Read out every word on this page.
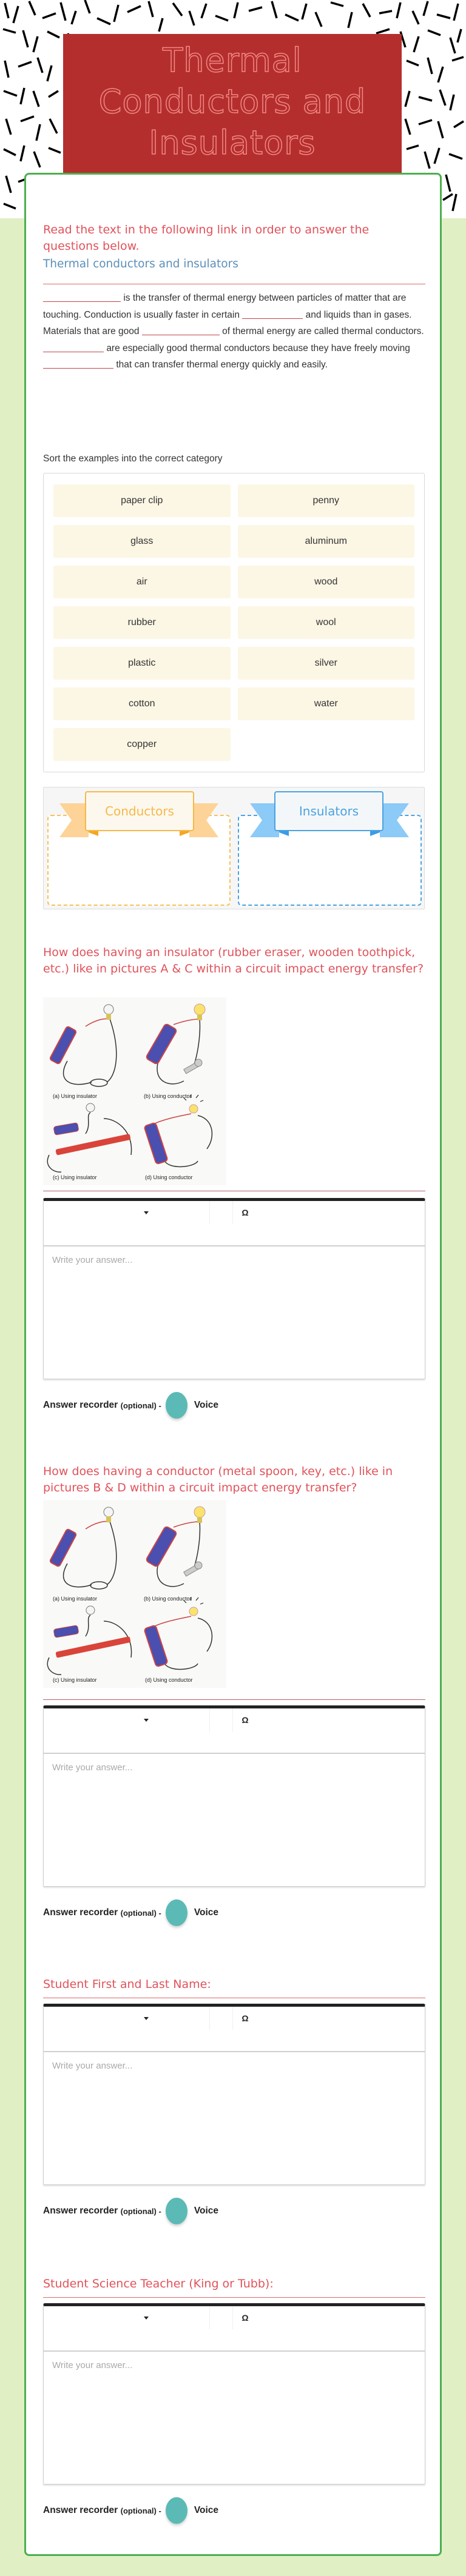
Thermal Conductors and Insulators
Read the text in the following link in order to answer the questions below.
Thermal conductors and insulators
is the transfer of thermal energy between particles of matter that are touching. Conduction is usually faster in certain	and liquids than in gases. Materials that are good	of thermal energy are called thermal conductors.  are especially good thermal conductors because they have freely moving  that can transfer thermal energy quickly and easily.
Sort the examples into the correct category
paper clip	penny
glass	aluminum
air	wood
rubber	wool
plastic	silver
cotton	water
copper
Conductors	Insulators
How does having an insulator (rubber eraser, wooden toothpick, etc.) like in pictures A & C within a circuit impact energy transfer?
(a) Using insulator	(b) Using conductor
(c) Using insulator	(d) Using conductor
Ω
Write your answer...
Answer recorder
(optional) -	Voice
How does having a conductor (metal spoon, key, etc.) like in pictures B & D within a circuit impact energy transfer?
(a) Using insulator	(b) Using conductor
(c) Using insulator	(d) Using conductor
Ω
Write your answer...
Answer recorder
(optional) -	Voice
Student First and Last Name:
Ω
Write your answer...
Answer recorder
(optional) -	Voice
Student Science Teacher (King or Tubb):
Ω
Write your answer...
Answer recorder
(optional) -	Voice
